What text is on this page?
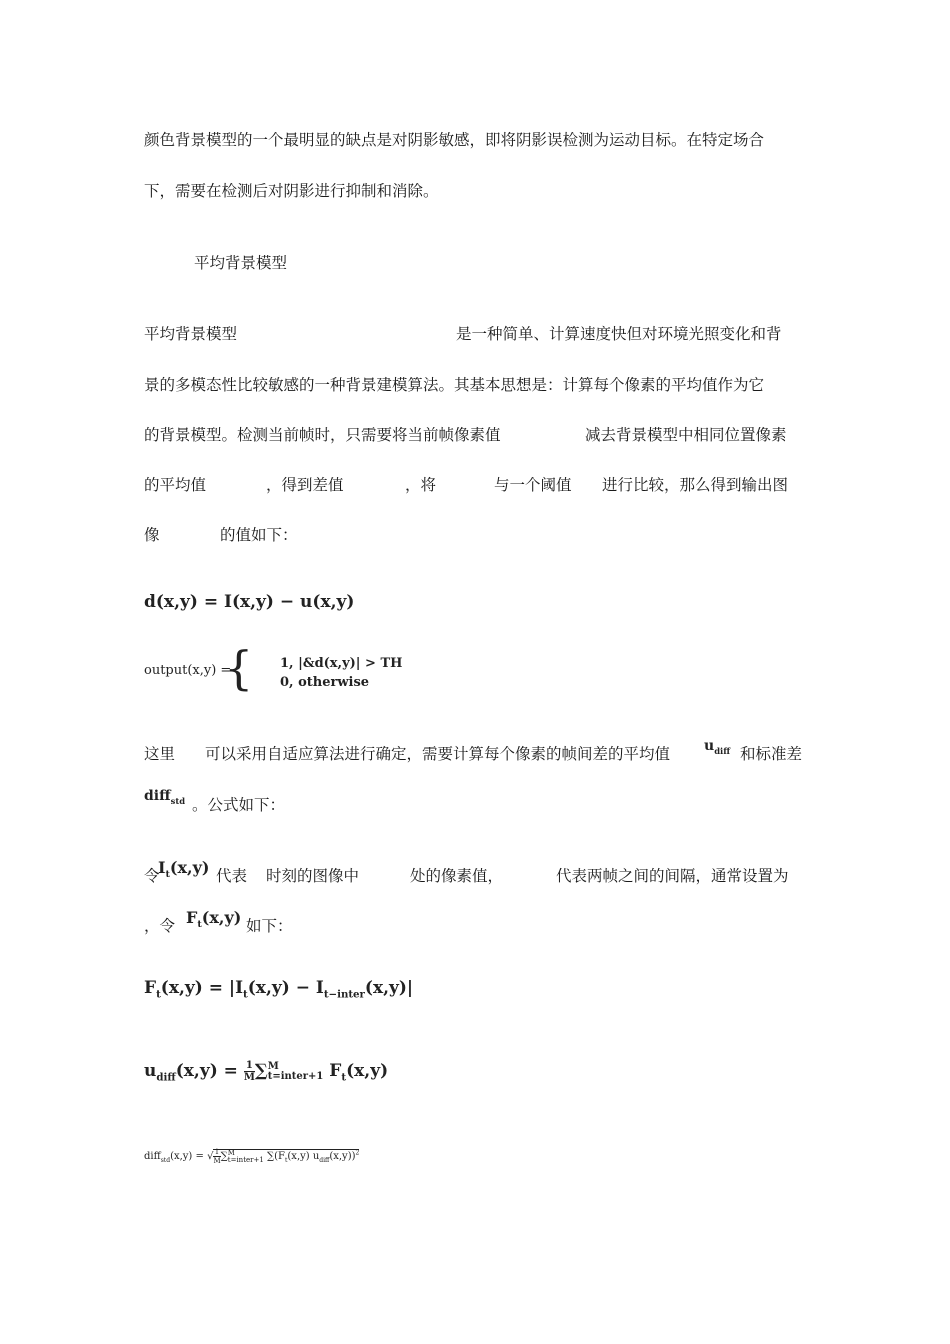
颜色背景模型的一个最明显的缺点是对阴影敏感，即将阴影误检测为运动目标。在特定场合
下，需要在检测后对阴影进行抑制和消除。
平均背景模型
平均背景模型	是一种简单、计算速度快但对环境光照变化和背
景的多模态性比较敏感的一种背景建模算法。其基本思想是：计算每个像素的平均值作为它
的背景模型。检测当前帧时，只需要将当前帧像素值	减去背景模型中相同位置像素
的平均值	，得到差值	，将	与一个阈值 进行比较，那么得到输出图
像	的值如下：
d(x,y) = I(x,y) − u(x,y)
output(x,y) =
{ 1, |&d(x,y)| > TH
0, otherwise
这里 可以采用自适应算法进行确定，需要计算每个像素的帧间差的平均值 $u_{diff}$ 和标准差
diff$_{std}$ 。公式如下：
令
$I_t(x,y)$ 代表 时刻的图像中	处的像素值，	代表两帧之间的间隔，通常设置为
，令 $F_t(x,y)$ 如下：
$F_t(x,y) = |I_t(x,y) - I_{t-inter}(x,y)|$
$u_{diff}(x,y) = \frac{1}{M}$ ∑ M
t=inter+1 $F_t(x,y)$
diff$_{std}$(x,y) = √ $\frac{1}{M}$ ∑ M
t=inter+1 $\sum(F_t(x,y)$ $u_{diff}(x,y))^2$
